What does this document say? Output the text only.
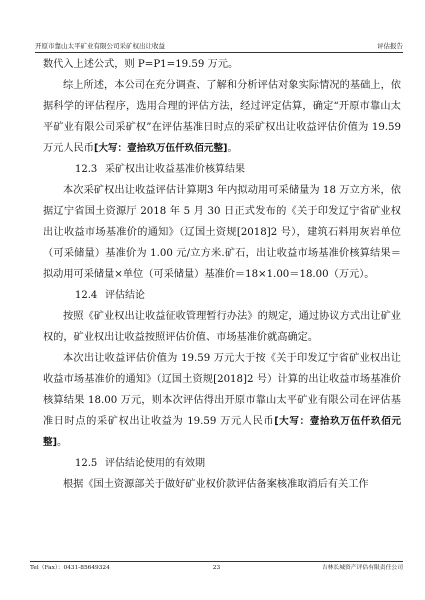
开原市靠山太平矿业有限公司采矿权出让收益	评估报告

数代入上述公式，则 P=P1=19.59 万元。

综上所述，本公司在充分调查、了解和分析评估对象实际情况的基础上，依据科学的评估程序，选用合理的评估方法，经过评定估算，确定“开原市靠山太平矿业有限公司采矿权”在评估基准日时点的采矿权出让收益评估价值为 19.59 万元人民币[大写：壹拾玖万伍仟玖佰元整]。

12.3 采矿权出让收益基准价核算结果

本次采矿权出让收益评估计算期3 年内拟动用可采储量为 18 万立方米，依据辽宁省国土资源厅 2018 年 5 月 30 日正式发布的《关于印发辽宁省矿业权出让收益市场基准价的通知》（辽国土资规[2018]2 号），建筑石料用灰岩单位（可采储量）基准价为 1.00 元/立方米.矿石，出让收益市场基准价核算结果＝拟动用可采储量×单位（可采储量）基准价＝18×1.00＝18.00（万元）。

12.4 评估结论

按照《矿业权出让收益征收管理暂行办法》的规定，通过协议方式出让矿业权的，矿业权出让收益按照评估价值、市场基准价就高确定。

本次出让收益评估价值为 19.59 万元大于按《关于印发辽宁省矿业权出让收益市场基准价的通知》（辽国土资规[2018]2 号）计算的出让收益市场基准价核算结果 18.00 万元，则本次评估得出开原市靠山太平矿业有限公司在评估基准日时点的采矿权出让收益为 19.59 万元人民币[大写：壹拾玖万伍仟玖佰元整]。

12.5 评估结论使用的有效期

根据《国土资源部关于做好矿业权价款评估备案核准取消后有关工作

Tel（Fax）：0431-85649324	23	吉林长城资产评估有限责任公司
